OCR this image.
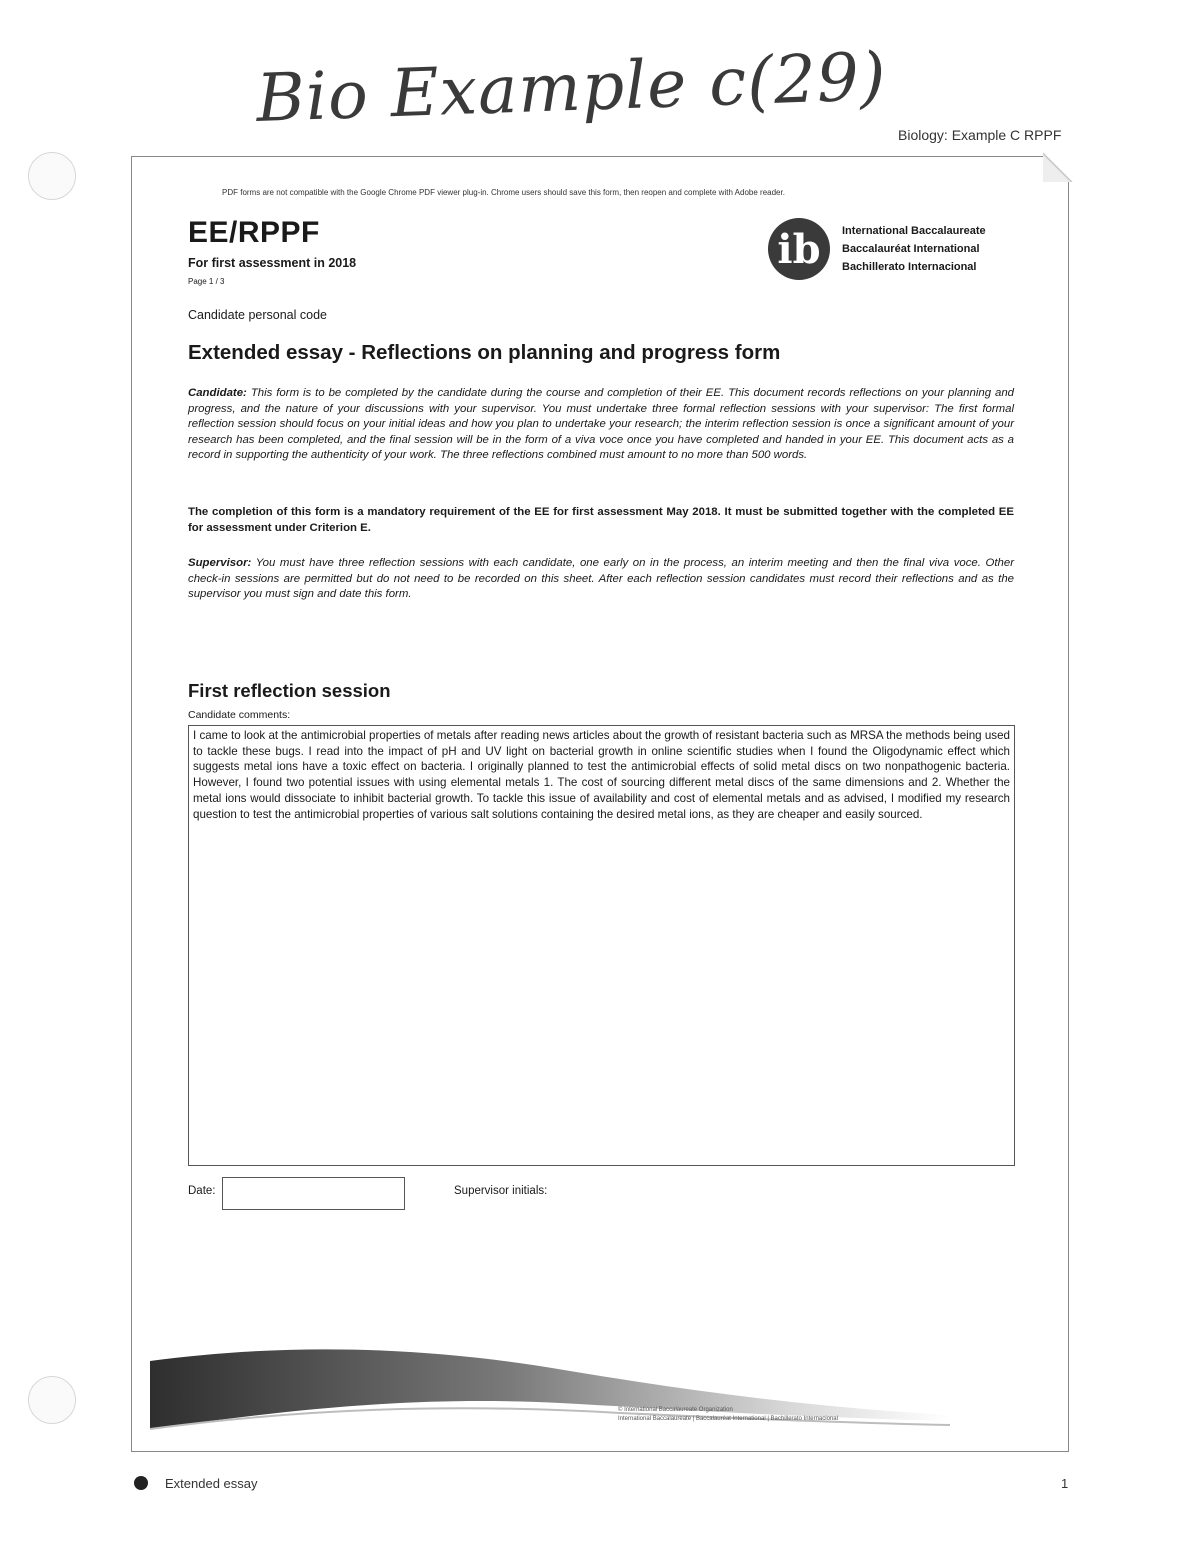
Bio Example c(29) Biology: Example C RPPF
PDF forms are not compatible with the Google Chrome PDF viewer plug-in. Chrome users should save this form, then reopen and complete with Adobe reader.
EE/RPPF
For first assessment in 2018
Page 1 / 3
Candidate personal code
ib International Baccalaureate
Baccalauréat International
Bachillerato Internacional
Extended essay - Reflections on planning and progress form
Candidate: This form is to be completed by the candidate during the course and completion of their EE. This document records reflections on your planning and progress, and the nature of your discussions with your supervisor. You must undertake three formal reflection sessions with your supervisor: The first formal reflection session should focus on your initial ideas and how you plan to undertake your research; the interim reflection session is once a significant amount of your research has been completed, and the final session will be in the form of a viva voce once you have completed and handed in your EE. This document acts as a record in supporting the authenticity of your work. The three reflections combined must amount to no more than 500 words.
The completion of this form is a mandatory requirement of the EE for first assessment May 2018. It must be submitted together with the completed EE for assessment under Criterion E.
Supervisor: You must have three reflection sessions with each candidate, one early on in the process, an interim meeting and then the final viva voce. Other check-in sessions are permitted but do not need to be recorded on this sheet. After each reflection session candidates must record their reflections and as the supervisor you must sign and date this form.
First reflection session
Candidate comments:
I came to look at the antimicrobial properties of metals after reading news articles about the growth of resistant bacteria such as MRSA the methods being used to tackle these bugs. I read into the impact of pH and UV light on bacterial growth in online scientific studies when I found the Oligodynamic effect which suggests metal ions have a toxic effect on bacteria. I originally planned to test the antimicrobial effects of solid metal discs on two nonpathogenic bacteria. However, I found two potential issues with using elemental metals 1. The cost of sourcing different metal discs of the same dimensions and 2. Whether the metal ions would dissociate to inhibit bacterial growth. To tackle this issue of availability and cost of elemental metals and as advised, I modified my research question to test the antimicrobial properties of various salt solutions containing the desired metal ions, as they are cheaper and easily sourced.
Date:	Supervisor initials:
© International Baccalaureate Organization
International Baccalaureate | Baccalauréat International | Bachillerato Internacional
Extended essay	1
